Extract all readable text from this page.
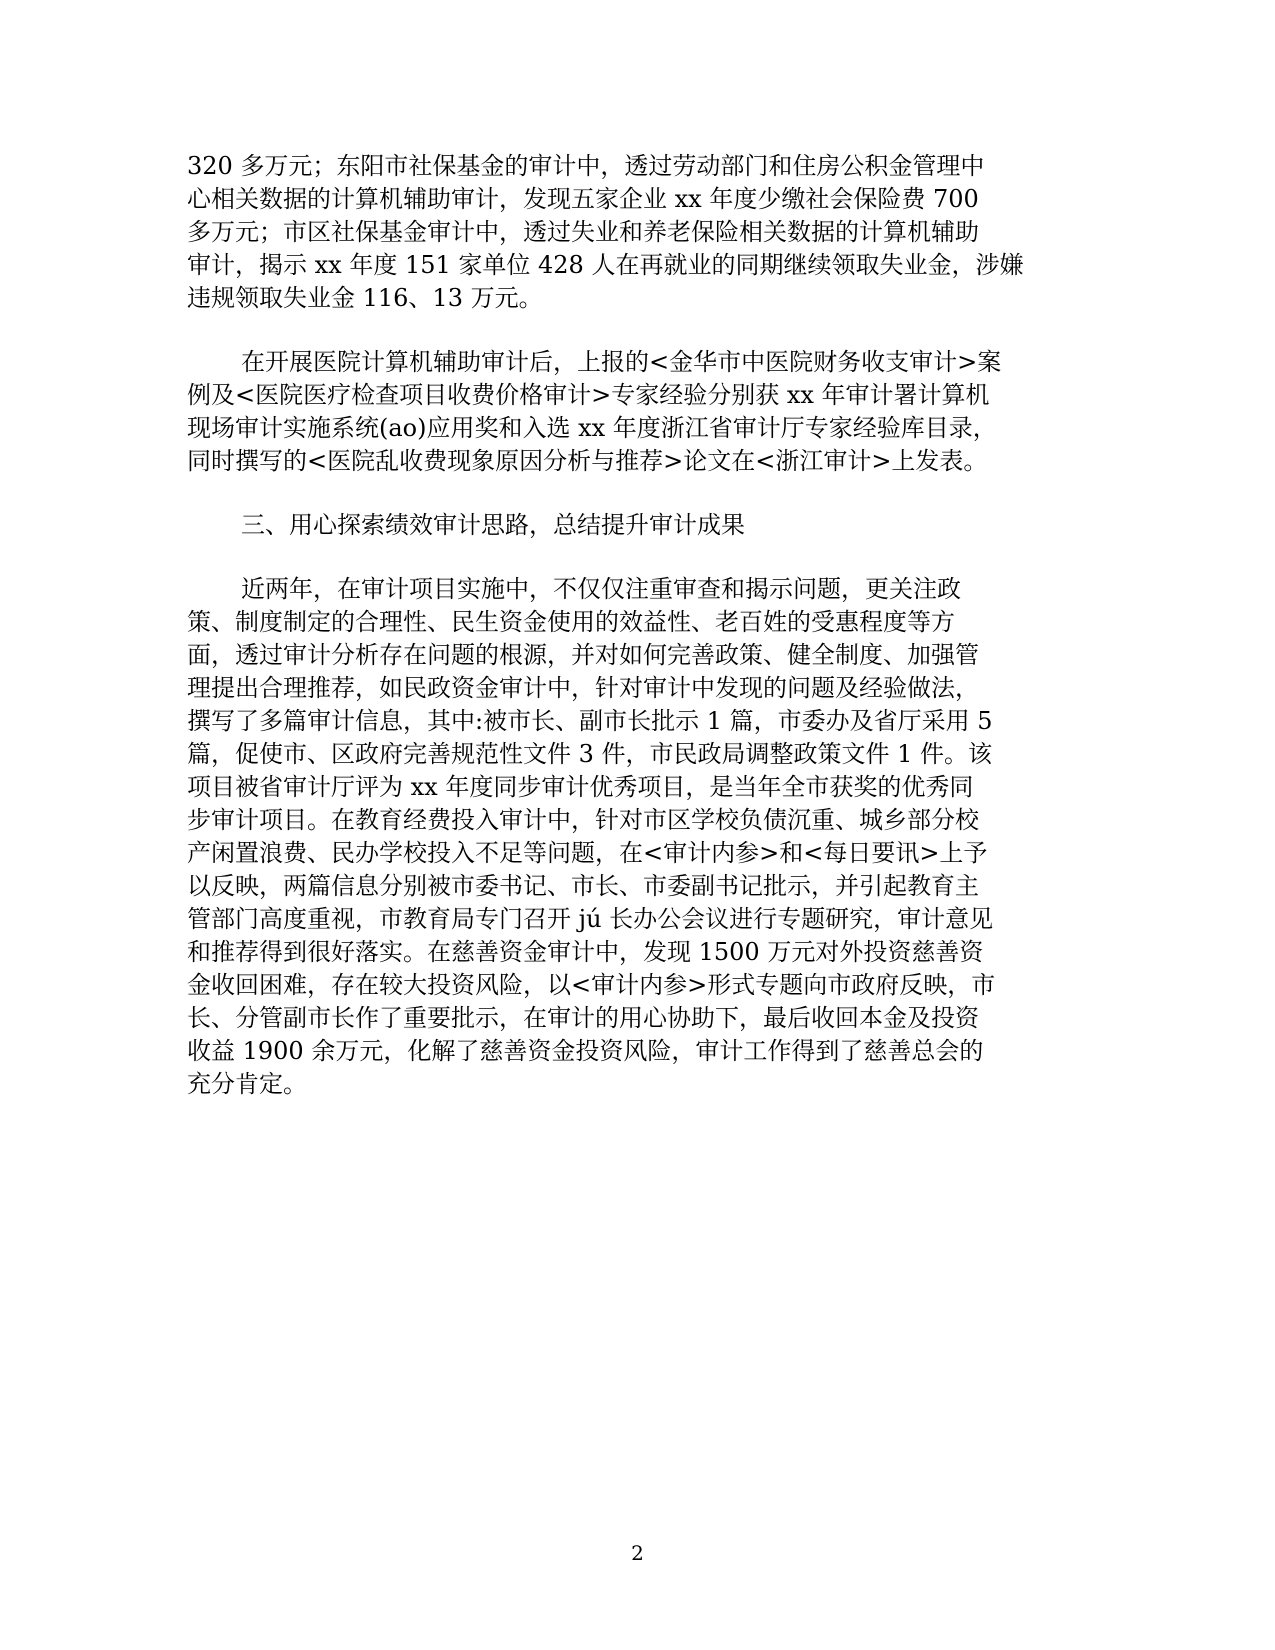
320 多万元；东阳市社保基金的审计中，透过劳动部门和住房公积金管理中
心相关数据的计算机辅助审计，发现五家企业 xx 年度少缴社会保险费 700
多万元；市区社保基金审计中，透过失业和养老保险相关数据的计算机辅助
审计，揭示 xx 年度 151 家单位 428 人在再就业的同期继续领取失业金，涉嫌
违规领取失业金 116、13 万元。

在开展医院计算机辅助审计后，上报的<金华市中医院财务收支审计>案
例及<医院医疗检查项目收费价格审计>专家经验分别获 xx 年审计署计算机
现场审计实施系统(ao)应用奖和入选 xx 年度浙江省审计厅专家经验库目录，
同时撰写的<医院乱收费现象原因分析与推荐>论文在<浙江审计>上发表。

三、用心探索绩效审计思路，总结提升审计成果

近两年，在审计项目实施中，不仅仅注重审查和揭示问题，更关注政
策、制度制定的合理性、民生资金使用的效益性、老百姓的受惠程度等方
面，透过审计分析存在问题的根源，并对如何完善政策、健全制度、加强管
理提出合理推荐，如民政资金审计中，针对审计中发现的问题及经验做法，
撰写了多篇审计信息，其中:被市长、副市长批示 1 篇，市委办及省厅采用 5
篇，促使市、区政府完善规范性文件 3 件，市民政局调整政策文件 1 件。该
项目被省审计厅评为 xx 年度同步审计优秀项目，是当年全市获奖的优秀同
步审计项目。在教育经费投入审计中，针对市区学校负债沉重、城乡部分校
产闲置浪费、民办学校投入不足等问题，在<审计内参>和<每日要讯>上予
以反映，两篇信息分别被市委书记、市长、市委副书记批示，并引起教育主
管部门高度重视，市教育局专门召开 jú 长办公会议进行专题研究，审计意见
和推荐得到很好落实。在慈善资金审计中，发现 1500 万元对外投资慈善资
金收回困难，存在较大投资风险，以<审计内参>形式专题向市政府反映，市
长、分管副市长作了重要批示，在审计的用心协助下，最后收回本金及投资
收益 1900 余万元，化解了慈善资金投资风险，审计工作得到了慈善总会的
充分肯定。

2
